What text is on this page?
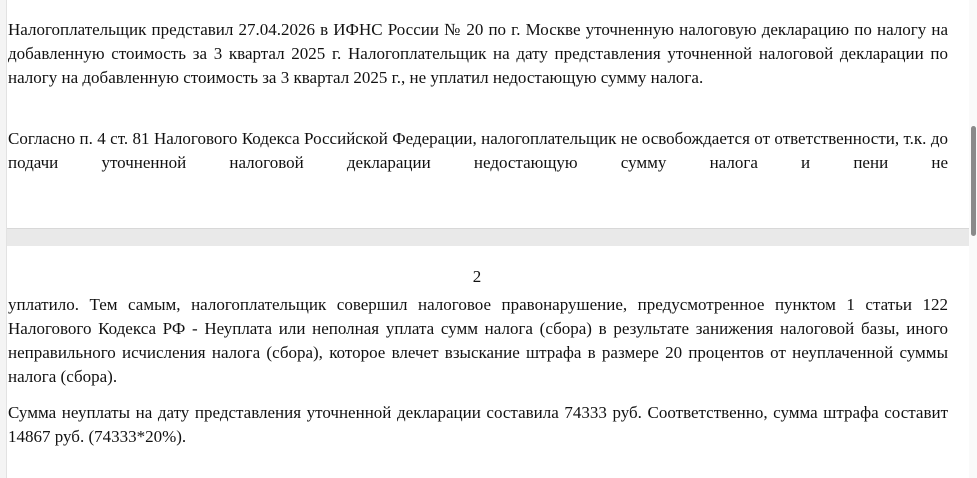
Налогоплательщик представил 27.04.2026 в ИФНС России № 20 по г. Москве уточненную налоговую декларацию по налогу на добавленную стоимость за 3 квартал 2025 г. Налогоплательщик на дату представления уточненной налоговой декларации по налогу на добавленную стоимость за 3 квартал 2025 г., не уплатил недостающую сумму налога.

Согласно п. 4 ст. 81 Налогового Кодекса Российской Федерации, налогоплательщик не освобождается от ответственности, т.к. до подачи уточненной налоговой декларации недостающую сумму налога и пени не

2

уплатило. Тем самым, налогоплательщик совершил налоговое правонарушение, предусмотренное пунктом 1 статьи 122 Налогового Кодекса РФ - Неуплата или неполная уплата сумм налога (сбора) в результате занижения налоговой базы, иного неправильного исчисления налога (сбора), которое влечет взыскание штрафа в размере 20 процентов от неуплаченной суммы налога (сбора).

Сумма неуплаты на дату представления уточненной декларации составила 74333 руб. Соответственно, сумма штрафа составит 14867 руб. (74333*20%).
